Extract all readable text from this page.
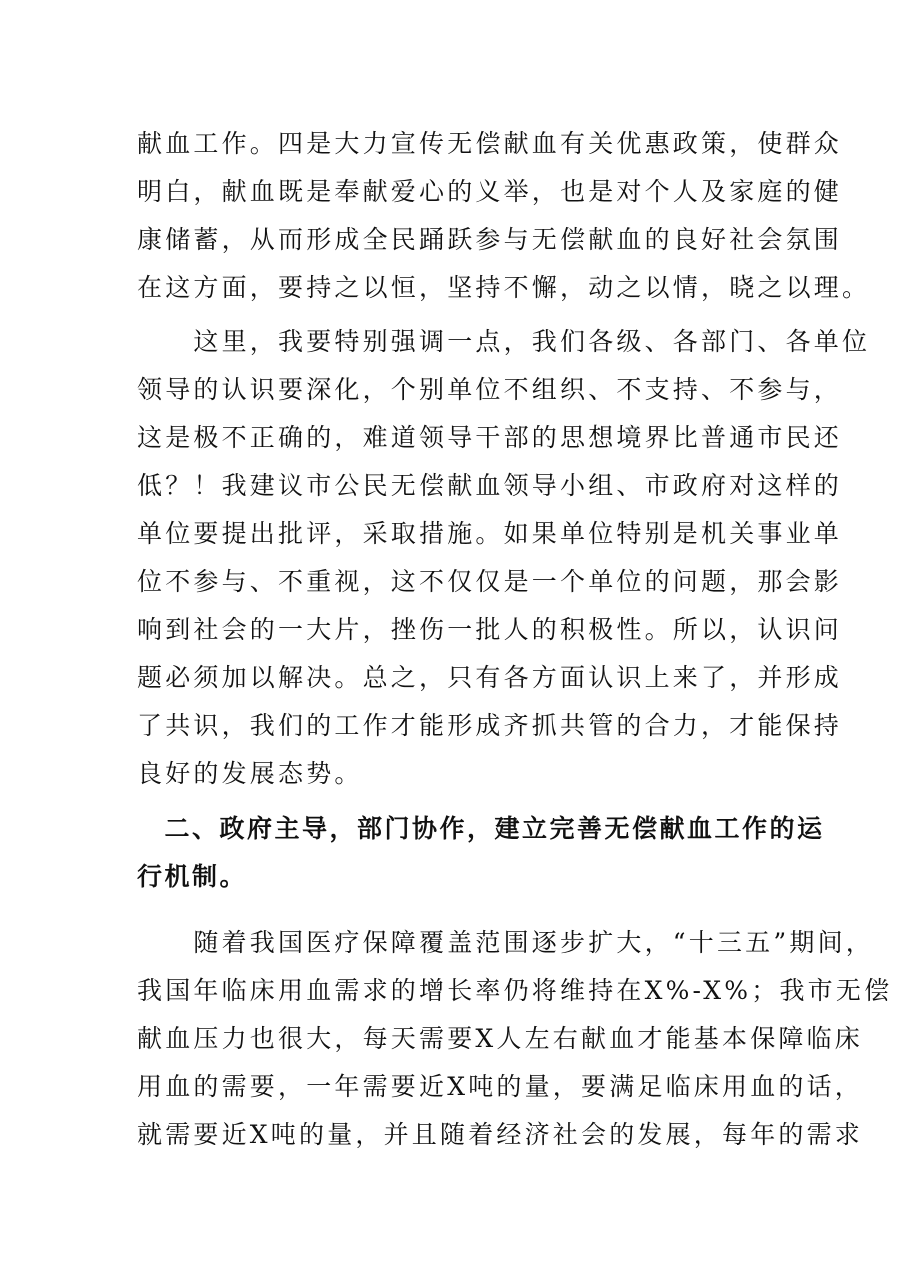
献血工作。四是大力宣传无偿献血有关优惠政策，使群众
明白，献血既是奉献爱心的义举，也是对个人及家庭的健
康储蓄，从而形成全民踊跃参与无偿献血的良好社会氛围
在这方面，要持之以恒，坚持不懈，动之以情，晓之以理。
　　这里，我要特别强调一点，我们各级、各部门、各单位
领导的认识要深化，个别单位不组织、不支持、不参与，
这是极不正确的，难道领导干部的思想境界比普通市民还
低？！我建议市公民无偿献血领导小组、市政府对这样的
单位要提出批评，采取措施。如果单位特别是机关事业单
位不参与、不重视，这不仅仅是一个单位的问题，那会影
响到社会的一大片，挫伤一批人的积极性。所以，认识问
题必须加以解决。总之，只有各方面认识上来了，并形成
了共识，我们的工作才能形成齐抓共管的合力，才能保持
良好的发展态势。
　二、政府主导，部门协作，建立完善无偿献血工作的运
行机制。
　　随着我国医疗保障覆盖范围逐步扩大，“十三五”期间，
我国年临床用血需求的增长率仍将维持在X%-X%；我市无偿
献血压力也很大，每天需要X人左右献血才能基本保障临床
用血的需要，一年需要近X吨的量，要满足临床用血的话，
就需要近X吨的量，并且随着经济社会的发展，每年的需求
